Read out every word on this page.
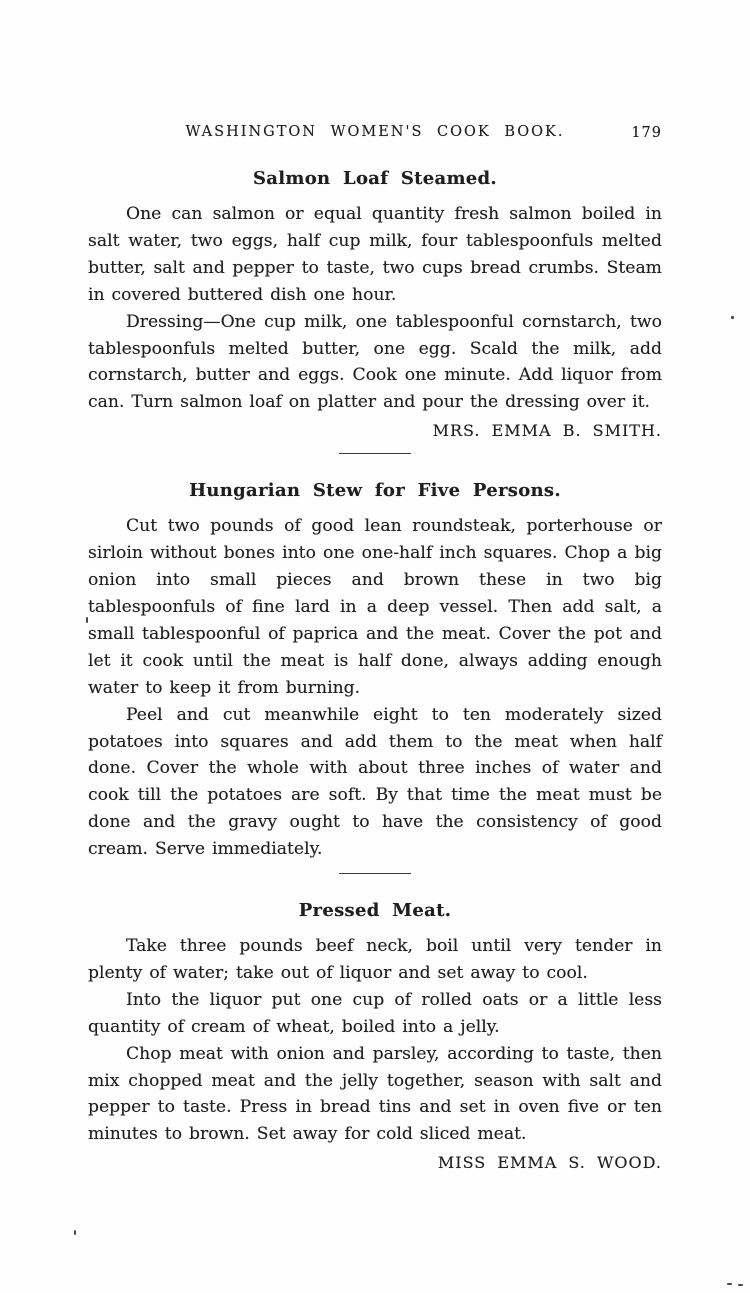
WASHINGTON WOMEN'S COOK BOOK.	179
Salmon Loaf Steamed.

One can salmon or equal quantity fresh salmon boiled in salt water, two eggs, half cup milk, four tablespoonfuls melted butter, salt and pepper to taste, two cups bread crumbs. Steam in covered buttered dish one hour.

Dressing—One cup milk, one tablespoonful cornstarch, two tablespoonfuls melted butter, one egg. Scald the milk, add cornstarch, butter and eggs. Cook one minute. Add liquor from can. Turn salmon loaf on platter and pour the dressing over it.

MRS. EMMA B. SMITH.

Hungarian Stew for Five Persons.

Cut two pounds of good lean roundsteak, porterhouse or sirloin without bones into one one-half inch squares. Chop a big onion into small pieces and brown these in two big tablespoonfuls of fine lard in a deep vessel. Then add salt, a small tablespoonful of paprica and the meat. Cover the pot and let it cook until the meat is half done, always adding enough water to keep it from burning.

Peel and cut meanwhile eight to ten moderately sized potatoes into squares and add them to the meat when half done. Cover the whole with about three inches of water and cook till the potatoes are soft. By that time the meat must be done and the gravy ought to have the consistency of good cream. Serve immediately.

Pressed Meat.

Take three pounds beef neck, boil until very tender in plenty of water; take out of liquor and set away to cool.

Into the liquor put one cup of rolled oats or a little less quantity of cream of wheat, boiled into a jelly.

Chop meat with onion and parsley, according to taste, then mix chopped meat and the jelly together, season with salt and pepper to taste. Press in bread tins and set in oven five or ten minutes to brown. Set away for cold sliced meat.

MISS EMMA S. WOOD.
